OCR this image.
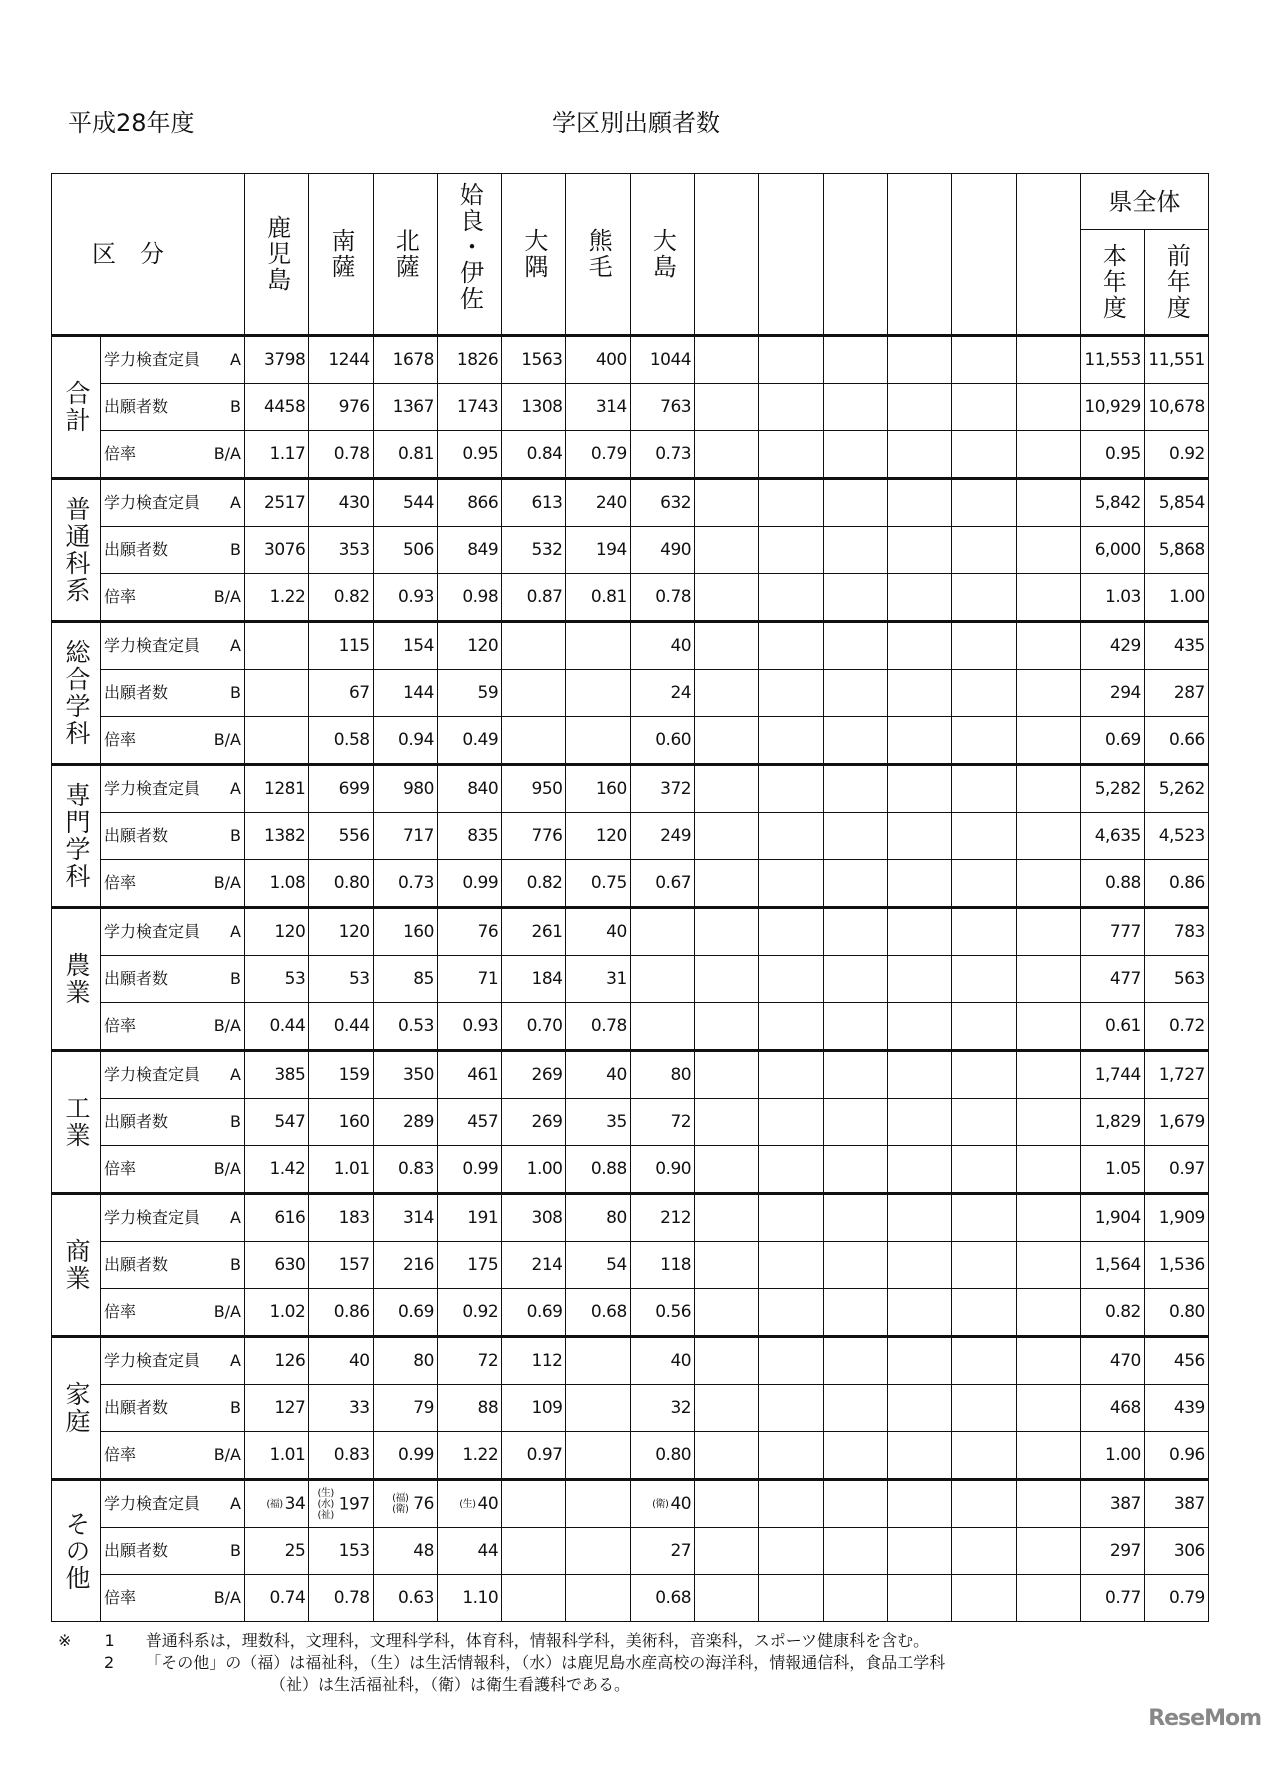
平成28年度	学区別出願者数
区　分		鹿児島	南薩	北薩	姶良・伊佐	大隅	熊毛	大島							県全体	

															本年度	前年度

合計	学力検査定員 A	3798	1244	1678	1826	1563	400	1044							11,553	11,551

	出願者数 B	4458	976	1367	1743	1308	314	763							10,929	10,678

	倍率 B/A	1.17	0.78	0.81	0.95	0.84	0.79	0.73							0.95	0.92

普通科系	学力検査定員 A	2517	430	544	866	613	240	632							5,842	5,854

	出願者数 B	3076	353	506	849	532	194	490							6,000	5,868

	倍率 B/A	1.22	0.82	0.93	0.98	0.87	0.81	0.78							1.03	1.00

総合学科	学力検査定員 A		115	154	120			40							429	435

	出願者数 B		67	144	59			24							294	287

	倍率 B/A		0.58	0.94	0.49			0.60							0.69	0.66

専門学科	学力検査定員 A	1281	699	980	840	950	160	372							5,282	5,262

	出願者数 B	1382	556	717	835	776	120	249							4,635	4,523

	倍率 B/A	1.08	0.80	0.73	0.99	0.82	0.75	0.67							0.88	0.86

農業	学力検査定員 A	120	120	160	76	261	40								777	783

	出願者数 B	53	53	85	71	184	31								477	563

	倍率 B/A	0.44	0.44	0.53	0.93	0.70	0.78								0.61	0.72

工業	学力検査定員 A	385	159	350	461	269	40	80							1,744	1,727

	出願者数 B	547	160	289	457	269	35	72							1,829	1,679

	倍率 B/A	1.42	1.01	0.83	0.99	1.00	0.88	0.90							1.05	0.97

商業	学力検査定員 A	616	183	314	191	308	80	212							1,904	1,909

	出願者数 B	630	157	216	175	214	54	118							1,564	1,536

	倍率 B/A	1.02	0.86	0.69	0.92	0.69	0.68	0.56							0.82	0.80

家庭	学力検査定員 A	126	40	80	72	112		40							470	456

	出願者数 B	127	33	79	88	109		32							468	439

	倍率 B/A	1.01	0.83	0.99	1.22	0.97		0.80							1.00	0.96

その他	学力検査定員 A	(福) 34	(生)(水)(祉)197	(福)(衛) 76	(生) 40			(衛) 40							387	387

	出願者数 B	25	153	48	44			27							297	306

	倍率 B/A	0.74	0.78	0.63	1.10			0.68							0.77	0.79
※ 1 普通科系は，理数科，文理科，文理科学科，体育科，情報科学科，美術科，音楽科，スポーツ健康科を含む。
2 「その他」の（福）は福祉科，（生）は生活情報科，（水）は鹿児島水産高校の海洋科，情報通信科，食品工学科
（祉）は生活福祉科，（衛）は衛生看護科である。
ReseMom
